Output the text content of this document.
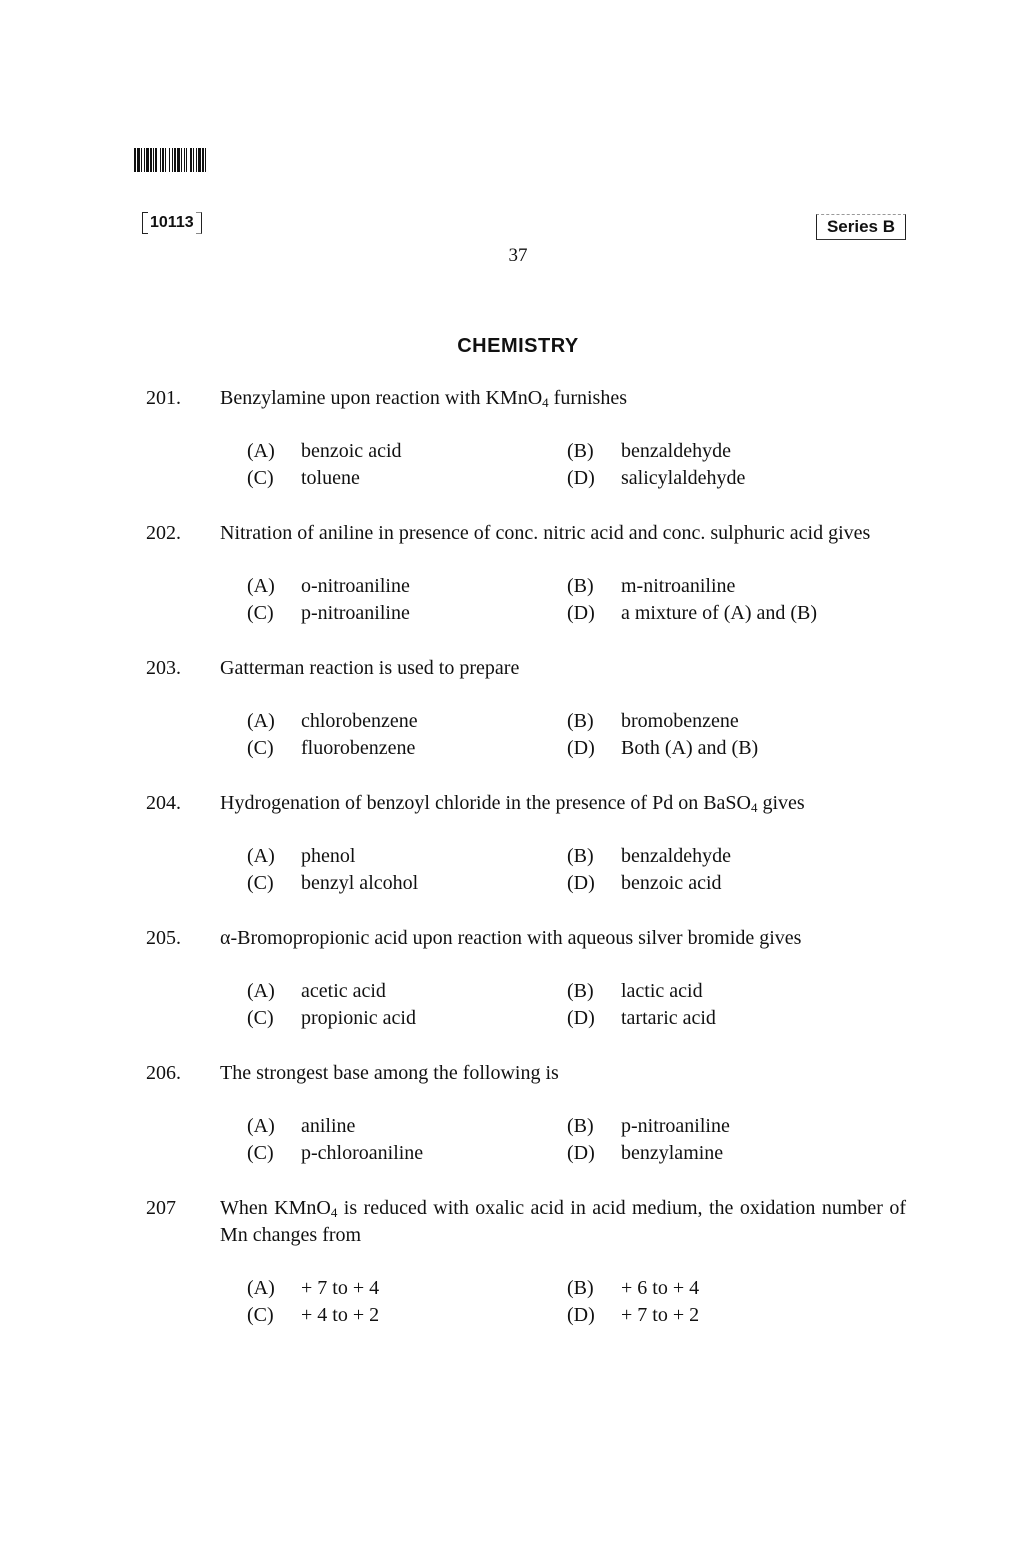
10113	Series B
37
CHEMISTRY
201.	Benzylamine upon reaction with KMnO$_4$ furnishes
(A)	benzoic acid	(B)	benzaldehyde
(C)	toluene	(D)	salicylaldehyde
202.	Nitration of aniline in presence of conc. nitric acid and conc. sulphuric acid gives
(A)	o-nitroaniline	(B)	m-nitroaniline
(C)	p-nitroaniline	(D)	a mixture of (A) and (B)
203.	Gatterman reaction is used to prepare
(A)	chlorobenzene	(B)	bromobenzene
(C)	fluorobenzene	(D)	Both (A) and (B)
204.	Hydrogenation of benzoyl chloride in the presence of Pd on BaSO$_4$ gives
(A)	phenol	(B)	benzaldehyde
(C)	benzyl alcohol	(D)	benzoic acid
205.	α-Bromopropionic acid upon reaction with aqueous silver bromide gives
(A)	acetic acid	(B)	lactic acid
(C)	propionic acid	(D)	tartaric acid
206.	The strongest base among the following is
(A)	aniline	(B)	p-nitroaniline
(C)	p-chloroaniline	(D)	benzylamine
207	When KMnO$_4$ is reduced with oxalic acid in acid medium, the oxidation number of Mn changes from
(A)	+ 7 to + 4	(B)	+ 6 to + 4
(C)	+ 4 to + 2	(D)	+ 7 to + 2
